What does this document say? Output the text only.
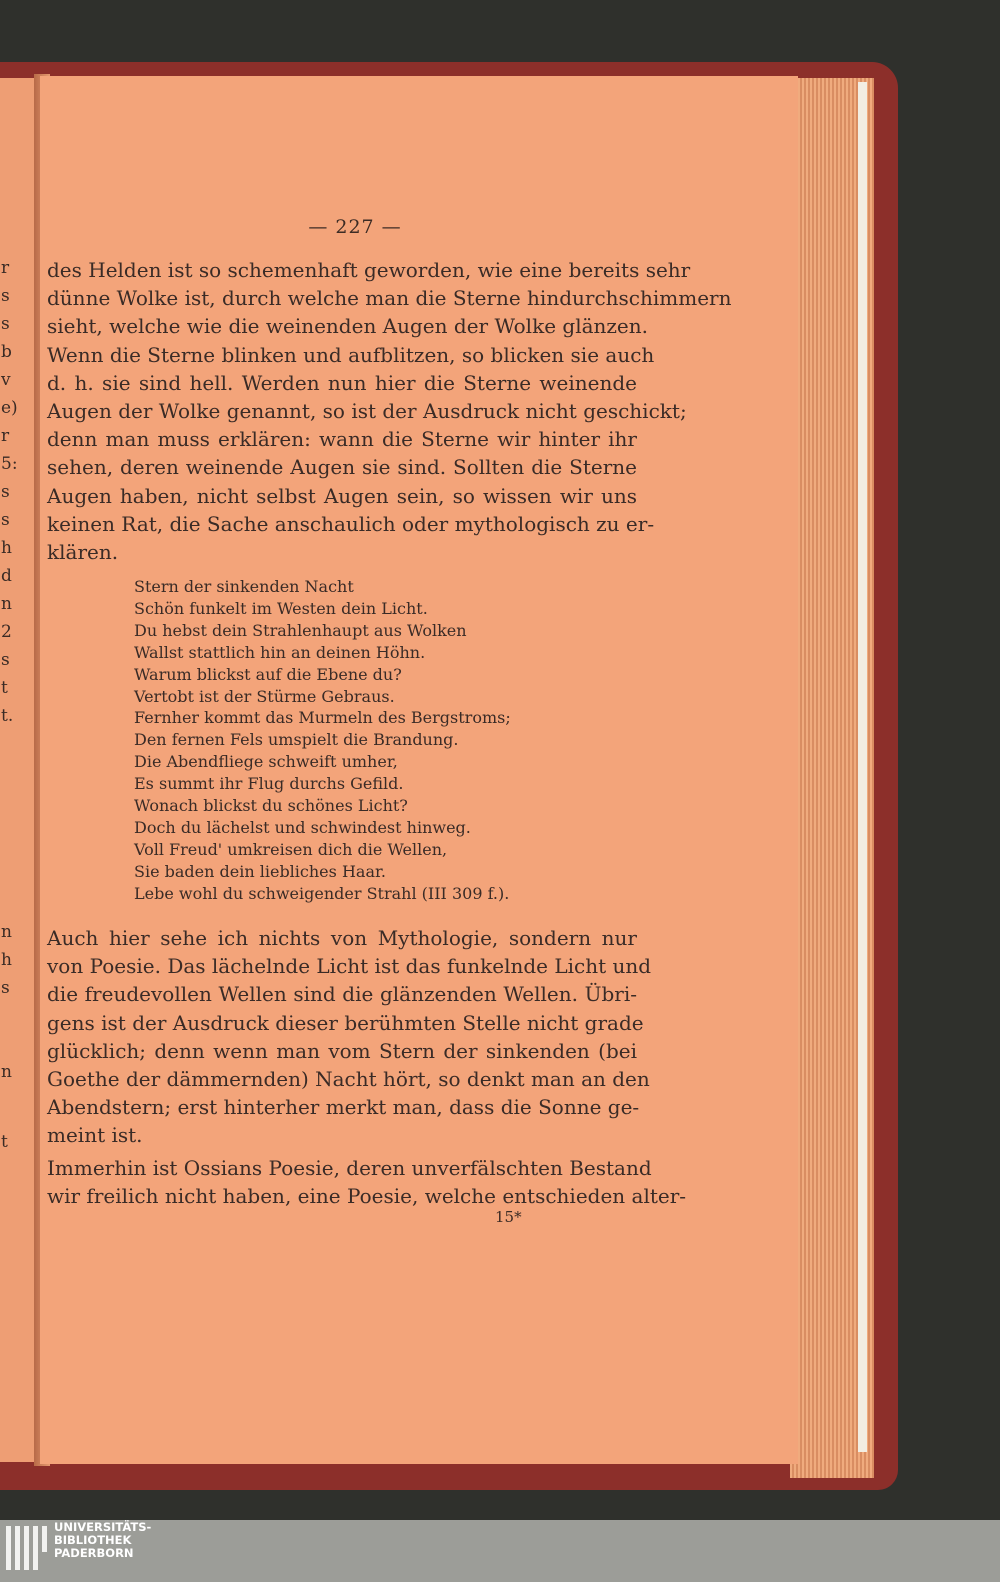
r
s
s
b
v
e)
r
5:
s
s
h
d
n
2
s
t
t.
n
h
s
n
t
— 227 —
des Helden ist so schemenhaft geworden, wie eine bereits sehr
dünne Wolke ist, durch welche man die Sterne hindurchschimmern
sieht, welche wie die weinenden Augen der Wolke glänzen.
Wenn die Sterne blinken und aufblitzen, so blicken sie auch
d. h. sie sind hell. Werden nun hier die Sterne weinende
Augen der Wolke genannt, so ist der Ausdruck nicht geschickt;
denn man muss erklären: wann die Sterne wir hinter ihr
sehen, deren weinende Augen sie sind. Sollten die Sterne
Augen haben, nicht selbst Augen sein, so wissen wir uns
keinen Rat, die Sache anschaulich oder mythologisch zu er-
klären.
Stern der sinkenden Nacht
Schön funkelt im Westen dein Licht.
Du hebst dein Strahlenhaupt aus Wolken
Wallst stattlich hin an deinen Höhn.
Warum blickst auf die Ebene du?
Vertobt ist der Stürme Gebraus.
Fernher kommt das Murmeln des Bergstroms;
Den fernen Fels umspielt die Brandung.
Die Abendfliege schweift umher,
Es summt ihr Flug durchs Gefild.
Wonach blickst du schönes Licht?
Doch du lächelst und schwindest hinweg.
Voll Freud' umkreisen dich die Wellen,
Sie baden dein liebliches Haar.
Lebe wohl du schweigender Strahl (III 309 f.).
Auch hier sehe ich nichts von Mythologie, sondern nur
von Poesie. Das lächelnde Licht ist das funkelnde Licht und
die freudevollen Wellen sind die glänzenden Wellen. Übri-
gens ist der Ausdruck dieser berühmten Stelle nicht grade
glücklich; denn wenn man vom Stern der sinkenden (bei
Goethe der dämmernden) Nacht hört, so denkt man an den
Abendstern; erst hinterher merkt man, dass die Sonne ge-
meint ist.
Immerhin ist Ossians Poesie, deren unverfälschten Bestand
wir freilich nicht haben, eine Poesie, welche entschieden alter-
15*
UNIVERSITÄTS-
BIBLIOTHEK
PADERBORN
